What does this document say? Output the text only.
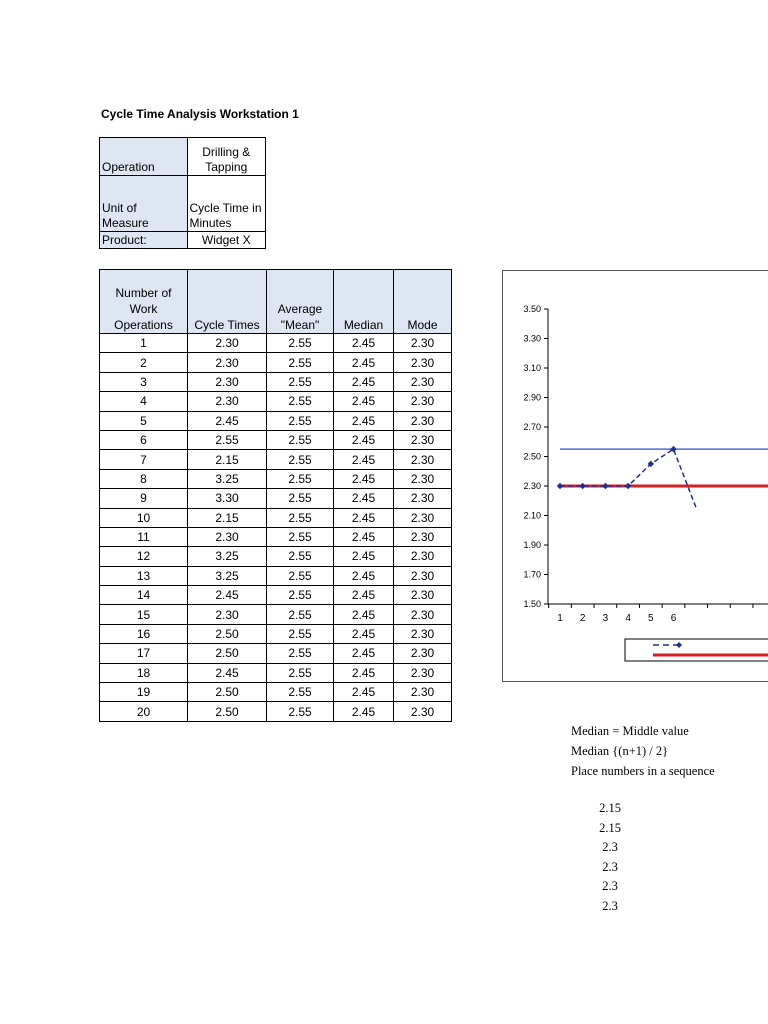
Cycle Time Analysis Workstation 1
Operation	Drilling & Tapping
Unit of Measure	Cycle Time in Minutes
Product:	Widget X
Number of Work Operations	Cycle Times	Average "Mean"	Median	Mode
1	2.30	2.55	2.45	2.30
2	2.30	2.55	2.45	2.30
3	2.30	2.55	2.45	2.30
4	2.30	2.55	2.45	2.30
5	2.45	2.55	2.45	2.30
6	2.55	2.55	2.45	2.30
7	2.15	2.55	2.45	2.30
8	3.25	2.55	2.45	2.30
9	3.30	2.55	2.45	2.30
10	2.15	2.55	2.45	2.30
11	2.30	2.55	2.45	2.30
12	3.25	2.55	2.45	2.30
13	3.25	2.55	2.45	2.30
14	2.45	2.55	2.45	2.30
15	2.30	2.55	2.45	2.30
16	2.50	2.55	2.45	2.30
17	2.50	2.55	2.45	2.30
18	2.45	2.55	2.45	2.30
19	2.50	2.55	2.45	2.30
20	2.50	2.55	2.45	2.30
1.50
1.70
1.90
2.10
2.30
2.50
2.70
2.90
3.10
3.30
3.50
1 2 3 4 5 6
Median = Middle value
Median {(n+1) / 2}
Place numbers in a sequence
2.15
2.15
2.3
2.3
2.3
2.3
